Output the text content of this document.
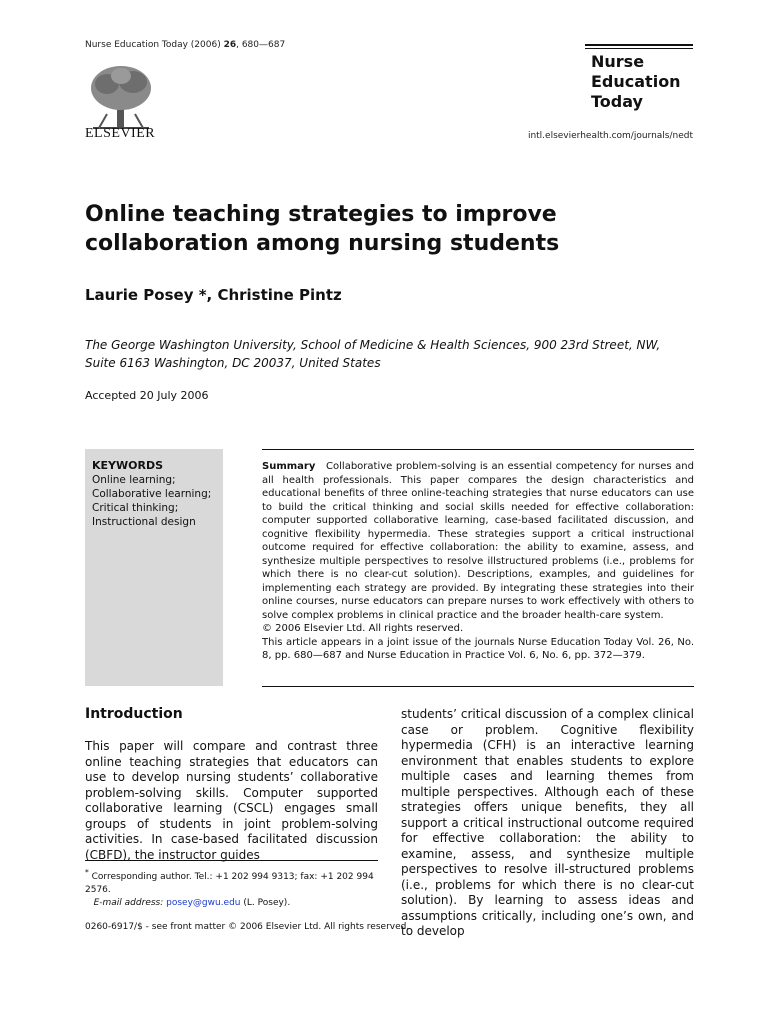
Nurse Education Today (2006) 26, 680—687
ELSEVIER
Nurse
Education
Today
intl.elsevierhealth.com/journals/nedt
Online teaching strategies to improve
collaboration among nursing students
Laurie Posey *, Christine Pintz
The George Washington University, School of Medicine & Health Sciences, 900 23rd Street, NW,
Suite 6163 Washington, DC 20037, United States
Accepted 20 July 2006
KEYWORDS
Online learning;
Collaborative learning;
Critical thinking;
Instructional design
Summary Collaborative problem-solving is an essential competency for nurses and all health professionals. This paper compares the design characteristics and educational benefits of three online-teaching strategies that nurse educators can use to build the critical thinking and social skills needed for effective collaboration: computer supported collaborative learning, case-based facilitated discussion, and cognitive flexibility hypermedia. These strategies support a critical instructional outcome required for effective collaboration: the ability to examine, assess, and synthesize multiple perspectives to resolve illstructured problems (i.e., problems for which there is no clear-cut solution). Descriptions, examples, and guidelines for implementing each strategy are provided. By integrating these strategies into their online courses, nurse educators can prepare nurses to work effectively with others to solve complex problems in clinical practice and the broader health-care system.
© 2006 Elsevier Ltd. All rights reserved.
This article appears in a joint issue of the journals Nurse Education Today Vol. 26, No. 8, pp. 680—687 and Nurse Education in Practice Vol. 6, No. 6, pp. 372—379.
Introduction
This paper will compare and contrast three online teaching strategies that educators can use to develop nursing students’ collaborative problem-solving skills. Computer supported collaborative learning (CSCL) engages small groups of students in joint problem-solving activities. In case-based facilitated discussion (CBFD), the instructor guides
students’ critical discussion of a complex clinical case or problem. Cognitive flexibility hypermedia (CFH) is an interactive learning environment that enables students to explore multiple cases and learning themes from multiple perspectives. Although each of these strategies offers unique benefits, they all support a critical instructional outcome required for effective collaboration: the ability to examine, assess, and synthesize multiple perspectives to resolve ill-structured problems (i.e., problems for which there is no clear-cut solution). By learning to assess ideas and assumptions critically, including one’s own, and to develop
* Corresponding author. Tel.: +1 202 994 9313; fax: +1 202 994 2576.
E-mail address: posey@gwu.edu (L. Posey).
0260-6917/$ - see front matter © 2006 Elsevier Ltd. All rights reserved.
